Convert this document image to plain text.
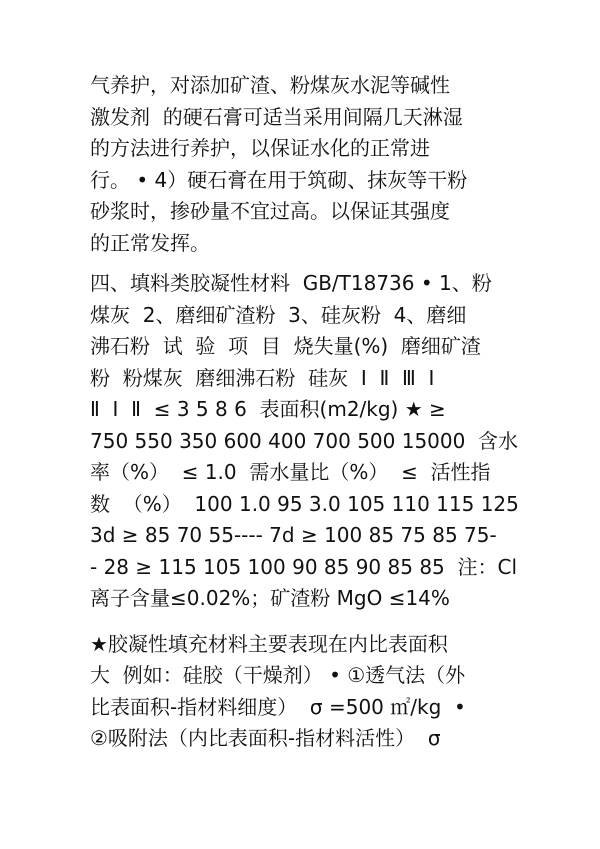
气养护，对添加矿渣、粉煤灰水泥等碱性
激发剂  的硬石膏可适当采用间隔几天淋湿
的方法进行养护，以保证水化的正常进
行。 • 4）硬石膏在用于筑砌、抹灰等干粉
砂浆时，掺砂量不宜过高。以保证其强度
的正常发挥。
四、填料类胶凝性材料  GB/T18736 • 1、粉
煤灰  2、磨细矿渣粉  3、硅灰粉  4、磨细
沸石粉  试  验  项  目  烧失量(%)  磨细矿渣
粉  粉煤灰  磨细沸石粉  硅灰  Ⅰ  Ⅱ  Ⅲ  Ⅰ
Ⅱ  Ⅰ  Ⅱ  ≤ 3 5 8 6  表面积(m2/kg) ★ ≥
750 550 350 600 400 700 500 15000  含水
率（%）  ≤ 1.0  需水量比（%）  ≤  活性指
数  （%）  100 1.0 95 3.0 105 110 115 125
3d ≥ 85 70 55---- 7d ≥ 100 85 75 85 75-
- 28 ≥ 115 105 100 90 85 90 85 85  注：Cl
离子含量≤0.02%；矿渣粉 MgO ≤14%
★胶凝性填充材料主要表现在内比表面积
大  例如：硅胶（干燥剂） • ①透气法（外
比表面积-指材料细度）  σ =500 ㎡/kg  •
②吸附法（内比表面积-指材料活性）  σ
